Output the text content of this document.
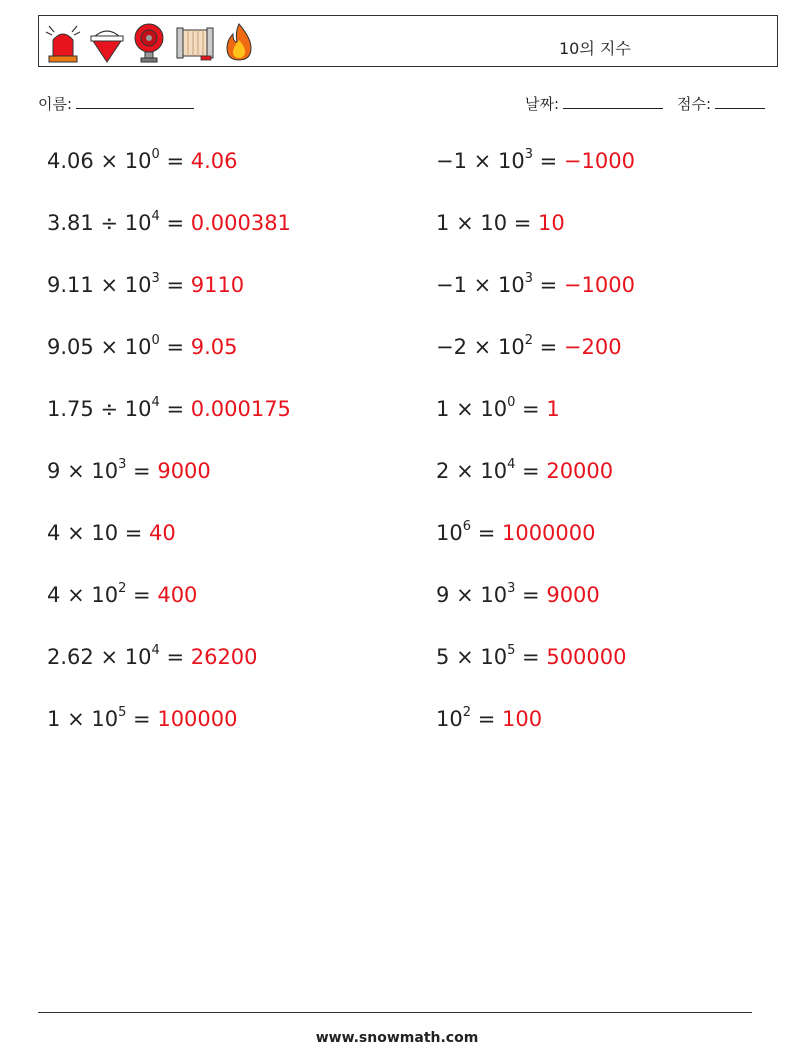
10의 지수
이름:	날짜:	점수:
$4.06 \times 10^0 = 4.06$	$-1 \times 10^3 = -1000$
$3.81 \div 10^4 = 0.000381$	1 × 10 = 10
$9.11 \times 10^3 = 9110$	$-1 \times 10^3 = -1000$
$9.05 \times 10^0 = 9.05$	$-2 \times 10^2 = -200$
$1.75 \div 10^4 = 0.000175$	$1 \times 10^0 = 1$
$9 \times 10^3 = 9000$	$2 \times 10^4 = 20000$
4 × 10 = 40	$10^6 = 1000000$
$4 \times 10^2 = 400$	$9 \times 10^3 = 9000$
$2.62 \times 10^4 = 26200$	$5 \times 10^5 = 500000$
$1 \times 10^5 = 100000$	$10^2 = 100$
www.snowmath.com
